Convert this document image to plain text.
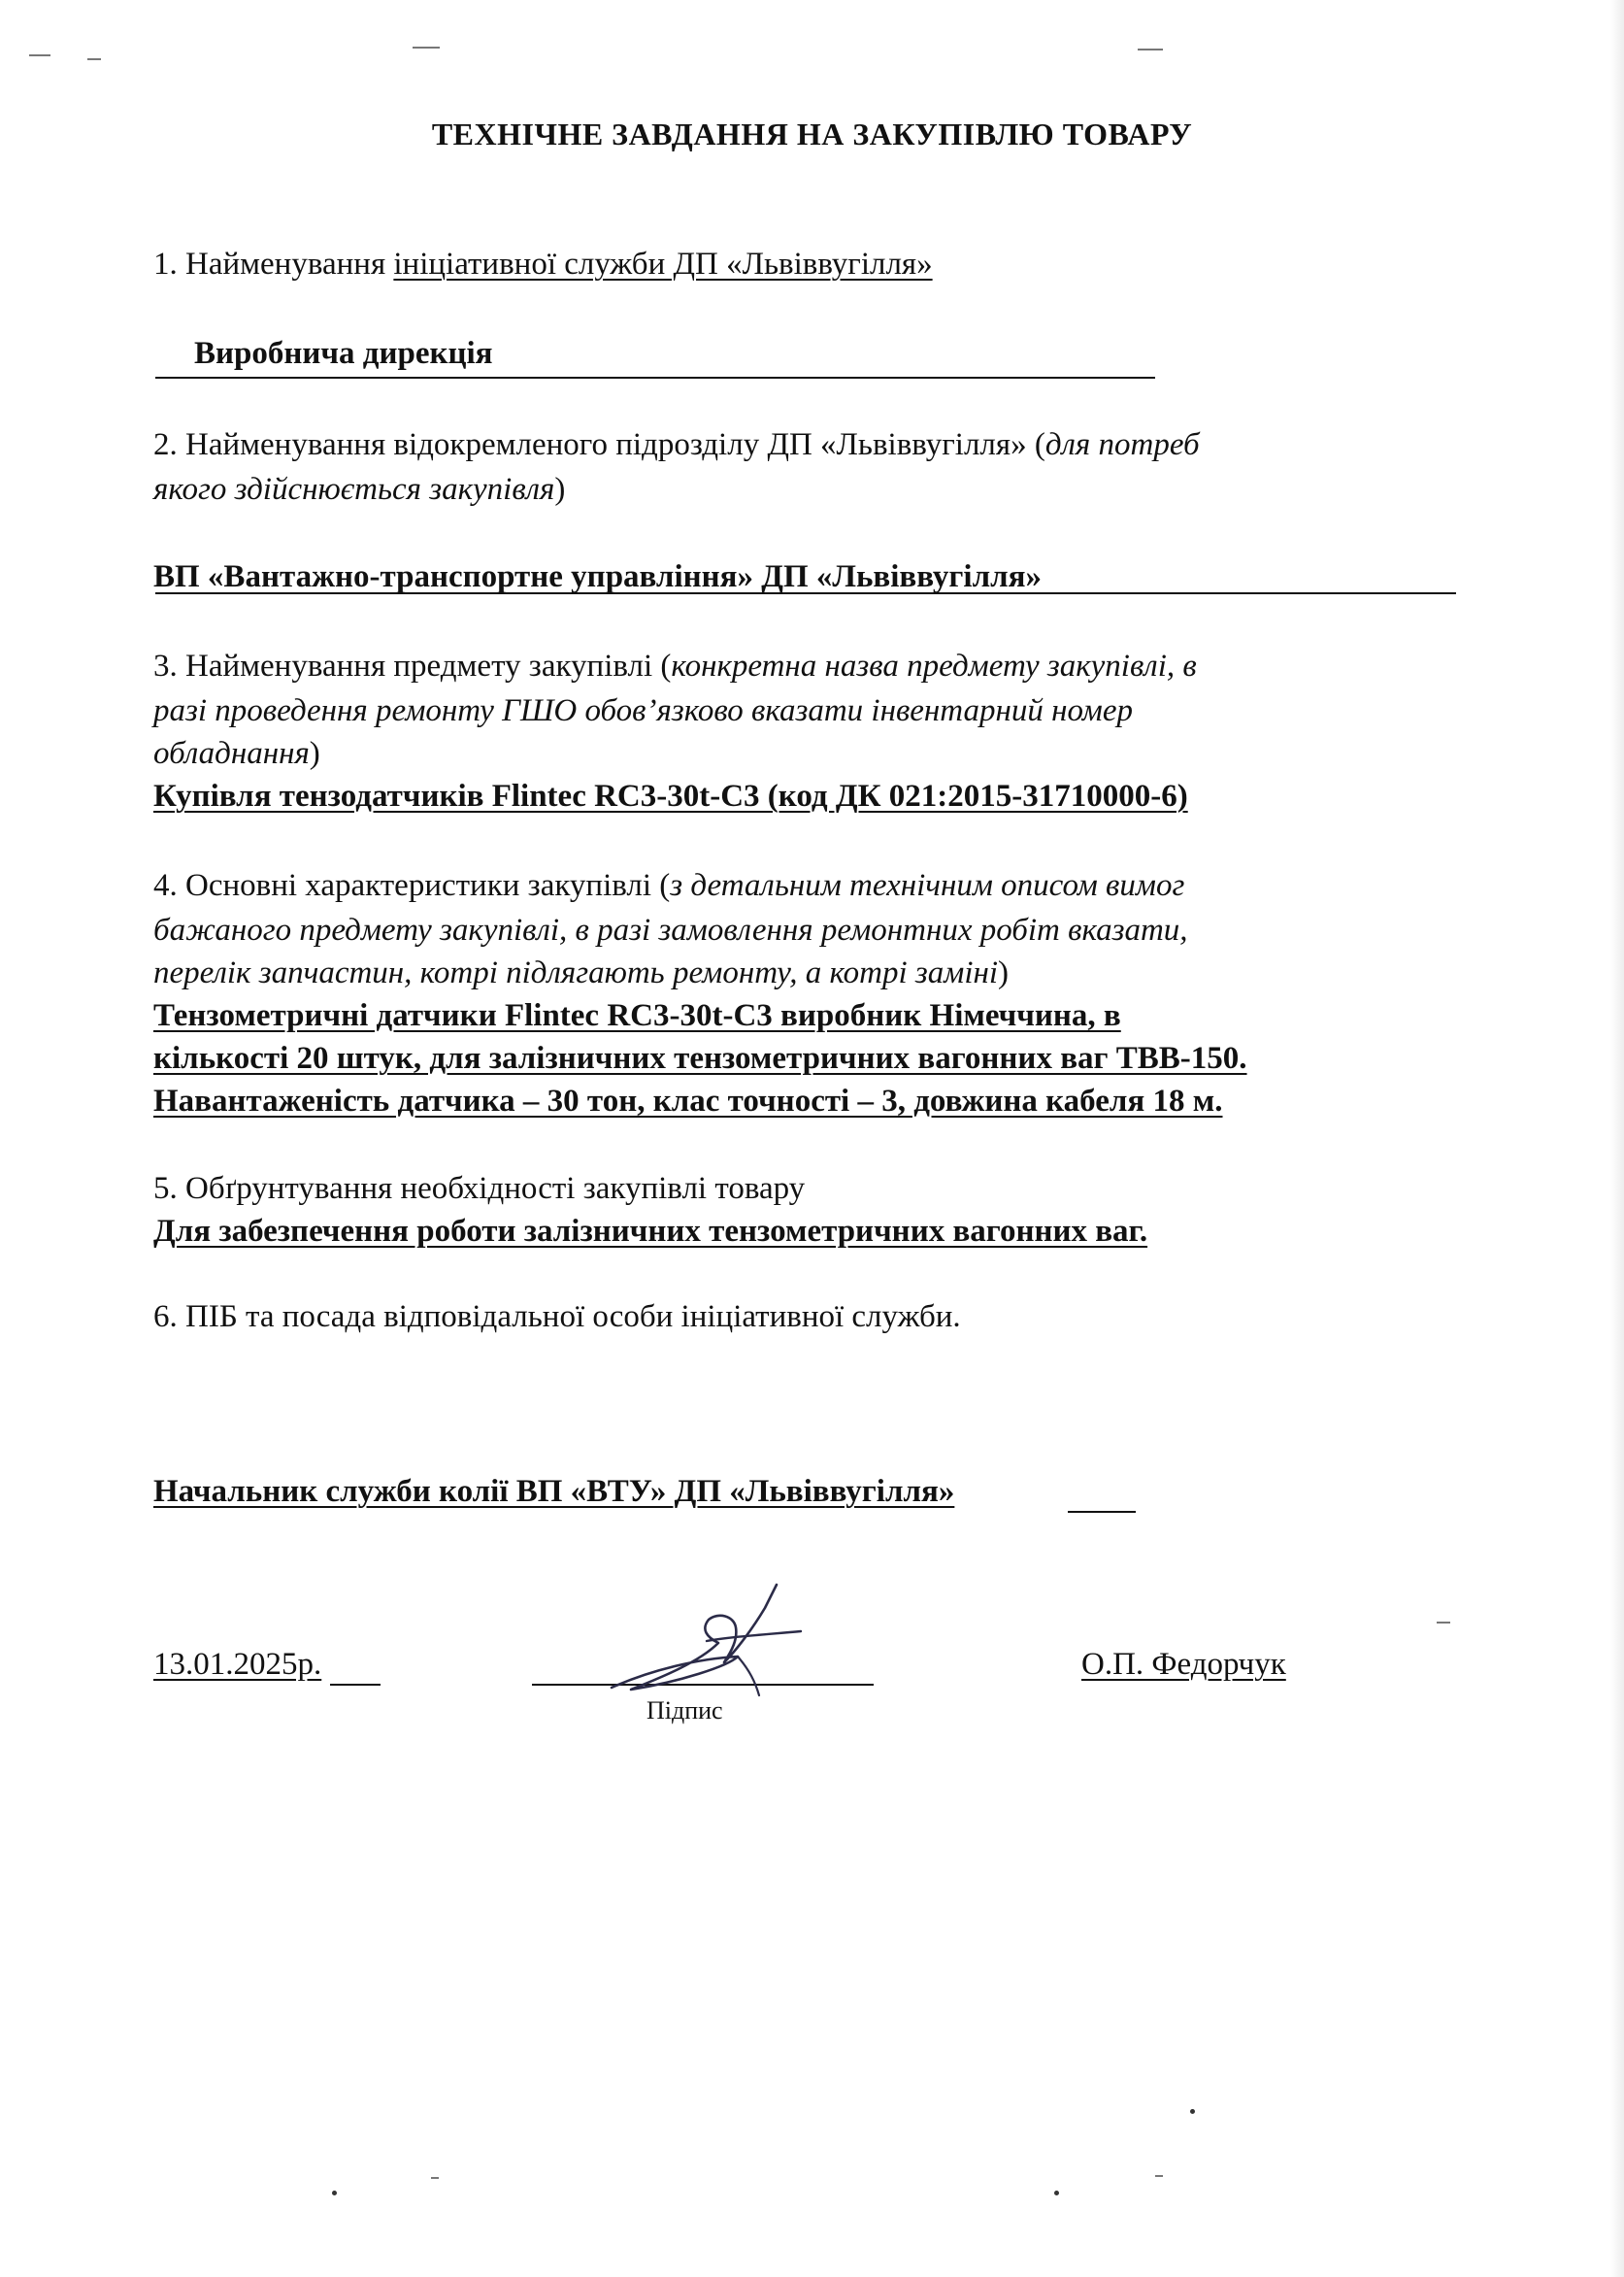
ТЕХНІЧНЕ ЗАВДАННЯ НА ЗАКУПІВЛЮ ТОВАРУ
1. Найменування ініціативної служби ДП «Львіввугілля»
Виробнича дирекція
2. Найменування відокремленого підрозділу ДП «Львіввугілля» (для потреб
якого здійснюється закупівля)
ВП «Вантажно-транспортне управління» ДП «Львіввугілля»
3. Найменування предмету закупівлі (конкретна назва предмету закупівлі, в
разі проведення ремонту ГШО обов’язково вказати інвентарний номер
обладнання)
Купівля тензодатчиків Flintec RC3-30t-C3 (код ДК 021:2015-31710000-6)
4. Основні характеристики закупівлі (з детальним технічним описом вимог
бажаного предмету закупівлі, в разі замовлення ремонтних робіт вказати,
перелік запчастин, котрі підлягають ремонту, а котрі заміні)
Тензометричні датчики Flintec RC3-30t-C3 виробник Німеччина, в
кількості 20 штук, для залізничних тензометричних вагонних ваг ТВВ-150.
Навантаженість датчика – 30 тон, клас точності – 3, довжина кабеля 18 м.
5. Обґрунтування необхідності закупівлі товару
Для забезпечення роботи залізничних тензометричних вагонних ваг.
6. ПІБ та посада відповідальної особи ініціативної служби.
Начальник служби колії ВП «ВТУ» ДП «Львіввугілля»
13.01.2025р.
Підпис
О.П. Федорчук
